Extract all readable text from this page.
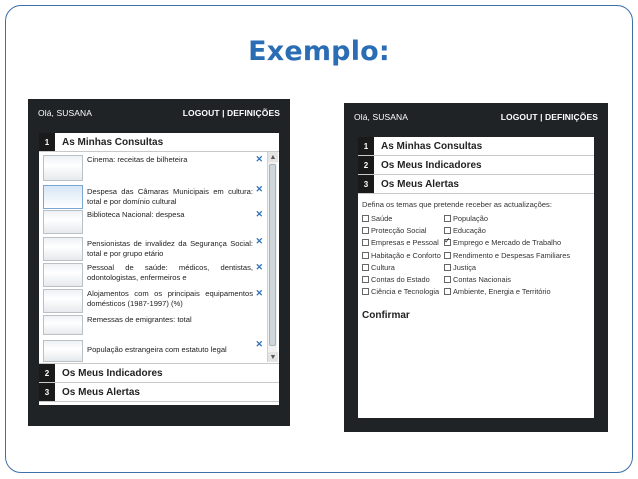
Exemplo:
Olá, SUSANA	LOGOUT | DEFINIÇÕES
1	As Minhas Consultas
Cinema: receitas de bilheteira	✕
Despesa das Câmaras Municipais em cultura: total e por domínio cultural
✕
Biblioteca Nacional: despesa	✕
Pensionistas de invalidez da Segurança Social: total e por grupo etário
✕
Pessoal de saúde: médicos, dentistas, odontologistas, enfermeiros e
✕
Alojamentos com os principais equipamentos domésticos (1987-1997) (%)
✕
Remessas de emigrantes: total
População estrangeira com estatuto legal
✕
▲
▼
2	Os Meus Indicadores
3	Os Meus Alertas
Olá, SUSANA	LOGOUT | DEFINIÇÕES
1	As Minhas Consultas
2	Os Meus Indicadores
3	Os Meus Alertas
Defina os temas que pretende receber as actualizações:
Saúde	População
Protecção Social	Educação
Empresas e Pessoal
✓ Emprego e Mercado de Trabalho
Habitação e Conforto Rendimento e Despesas Familiares
Cultura	Justiça
Contas do Estado	Contas Nacionais
Ciência e Tecnologia Ambiente, Energia e Território
Confirmar
